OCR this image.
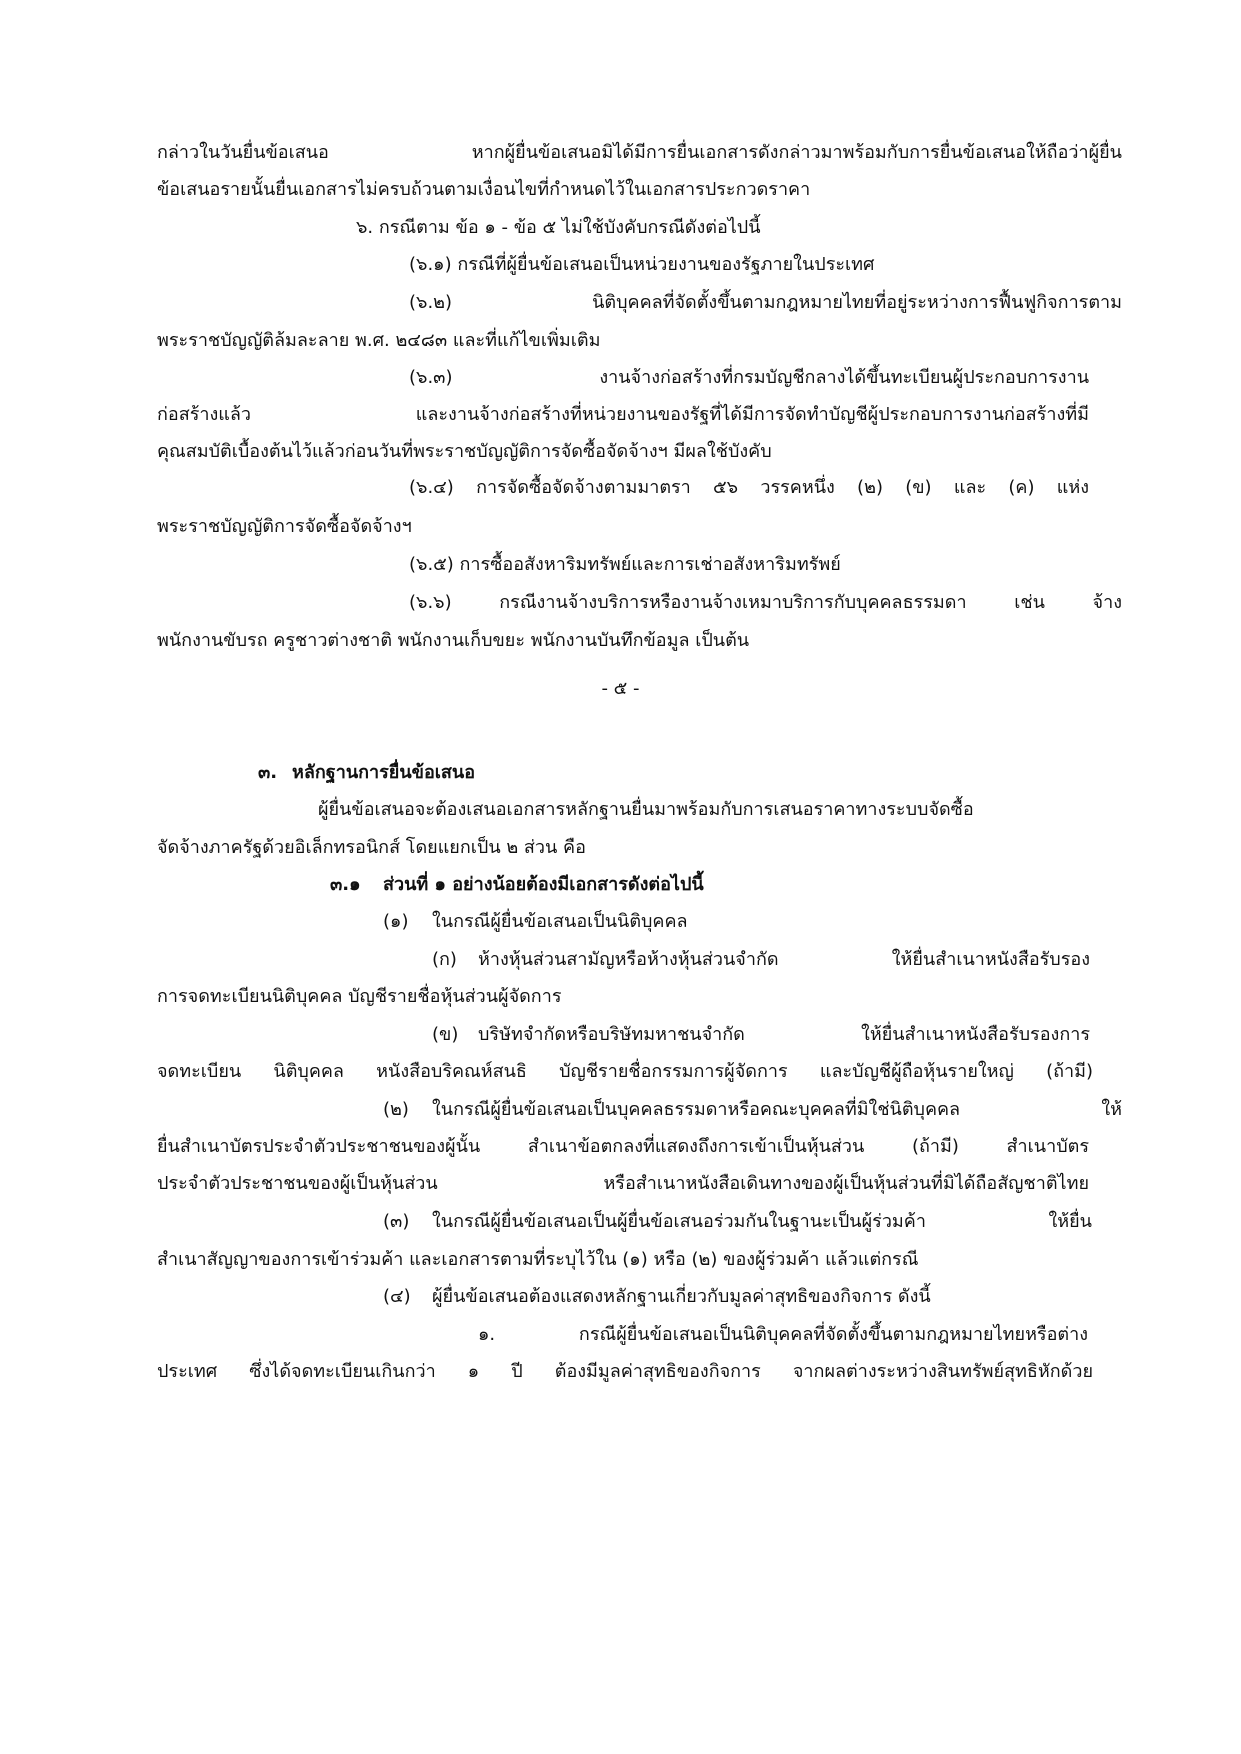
กล่าวในวันยื่นข้อเสนอ หากผู้ยื่นข้อเสนอมิได้มีการยื่นเอกสารดังกล่าวมาพร้อมกับการยื่นข้อเสนอให้ถือว่าผู้ยื่น
ข้อเสนอรายนั้นยื่นเอกสารไม่ครบถ้วนตามเงื่อนไขที่กำหนดไว้ในเอกสารประกวดราคา
๖. กรณีตาม ข้อ ๑ - ข้อ ๕ ไม่ใช้บังคับกรณีดังต่อไปนี้
(๖.๑) กรณีที่ผู้ยื่นข้อเสนอเป็นหน่วยงานของรัฐภายในประเทศ
(๖.๒) นิติบุคคลที่จัดตั้งขึ้นตามกฎหมายไทยที่อยู่ระหว่างการฟื้นฟูกิจการตาม
พระราชบัญญัติล้มละลาย พ.ศ. ๒๔๘๓ และที่แก้ไขเพิ่มเติม
(๖.๓) งานจ้างก่อสร้างที่กรมบัญชีกลางได้ขึ้นทะเบียนผู้ประกอบการงาน
ก่อสร้างแล้ว และงานจ้างก่อสร้างที่หน่วยงานของรัฐที่ได้มีการจัดทำบัญชีผู้ประกอบการงานก่อสร้างที่มี
คุณสมบัติเบื้องต้นไว้แล้วก่อนวันที่พระราชบัญญัติการจัดซื้อจัดจ้างฯ มีผลใช้บังคับ
(๖.๔) การจัดซื้อจัดจ้างตามมาตรา ๕๖ วรรคหนึ่ง (๒) (ข) และ (ค) แห่ง
พระราชบัญญัติการจัดซื้อจัดจ้างฯ
(๖.๕) การซื้ออสังหาริมทรัพย์และการเช่าอสังหาริมทรัพย์
(๖.๖) กรณีงานจ้างบริการหรืองานจ้างเหมาบริการกับบุคคลธรรมดา เช่น จ้าง
พนักงานขับรถ ครูชาวต่างชาติ พนักงานเก็บขยะ พนักงานบันทึกข้อมูล เป็นต้น
- ๕ -
๓. หลักฐานการยื่นข้อเสนอ
ผู้ยื่นข้อเสนอจะต้องเสนอเอกสารหลักฐานยื่นมาพร้อมกับการเสนอราคาทางระบบจัดซื้อ
จัดจ้างภาครัฐด้วยอิเล็กทรอนิกส์ โดยแยกเป็น ๒ ส่วน คือ
๓.๑ ส่วนที่ ๑ อย่างน้อยต้องมีเอกสารดังต่อไปนี้
(๑) ในกรณีผู้ยื่นข้อเสนอเป็นนิติบุคคล
(ก) ห้างหุ้นส่วนสามัญหรือห้างหุ้นส่วนจำกัด ให้ยื่นสำเนาหนังสือรับรอง
การจดทะเบียนนิติบุคคล บัญชีรายชื่อหุ้นส่วนผู้จัดการ
(ข) บริษัทจำกัดหรือบริษัทมหาชนจำกัด ให้ยื่นสำเนาหนังสือรับรองการ
จดทะเบียน นิติบุคคล หนังสือบริคณห์สนธิ บัญชีรายชื่อกรรมการผู้จัดการ และบัญชีผู้ถือหุ้นรายใหญ่ (ถ้ามี)
(๒) ในกรณีผู้ยื่นข้อเสนอเป็นบุคคลธรรมดาหรือคณะบุคคลที่มิใช่นิติบุคคล ให้
ยื่นสำเนาบัตรประจำตัวประชาชนของผู้นั้น สำเนาข้อตกลงที่แสดงถึงการเข้าเป็นหุ้นส่วน (ถ้ามี) สำเนาบัตร
ประจำตัวประชาชนของผู้เป็นหุ้นส่วน หรือสำเนาหนังสือเดินทางของผู้เป็นหุ้นส่วนที่มิได้ถือสัญชาติไทย
(๓) ในกรณีผู้ยื่นข้อเสนอเป็นผู้ยื่นข้อเสนอร่วมกันในฐานะเป็นผู้ร่วมค้า ให้ยื่น
สำเนาสัญญาของการเข้าร่วมค้า และเอกสารตามที่ระบุไว้ใน (๑) หรือ (๒) ของผู้ร่วมค้า แล้วแต่กรณี
(๔) ผู้ยื่นข้อเสนอต้องแสดงหลักฐานเกี่ยวกับมูลค่าสุทธิของกิจการ ดังนี้
๑. กรณีผู้ยื่นข้อเสนอเป็นนิติบุคคลที่จัดตั้งขึ้นตามกฎหมายไทยหรือต่าง
ประเทศ ซึ่งได้จดทะเบียนเกินกว่า ๑ ปี ต้องมีมูลค่าสุทธิของกิจการ จากผลต่างระหว่างสินทรัพย์สุทธิหักด้วย
